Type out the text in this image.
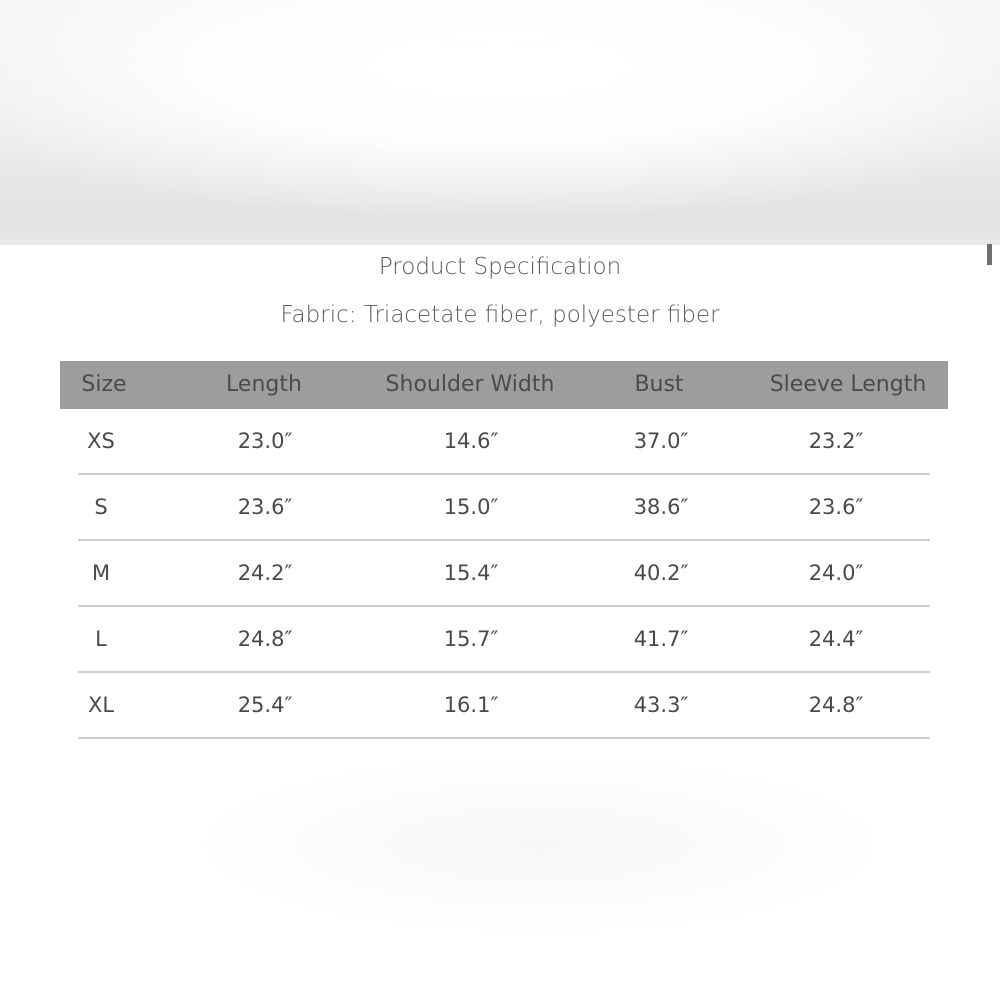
Product Specification
Fabric: Triacetate fiber, polyester fiber
Size	Length	Shoulder Width	Bust	Sleeve Length
XS	23.0″	14.6″	37.0″	23.2″
S	23.6″	15.0″	38.6″	23.6″
M	24.2″	15.4″	40.2″	24.0″
L	24.8″	15.7″	41.7″	24.4″
XL	25.4″	16.1″	43.3″	24.8″
